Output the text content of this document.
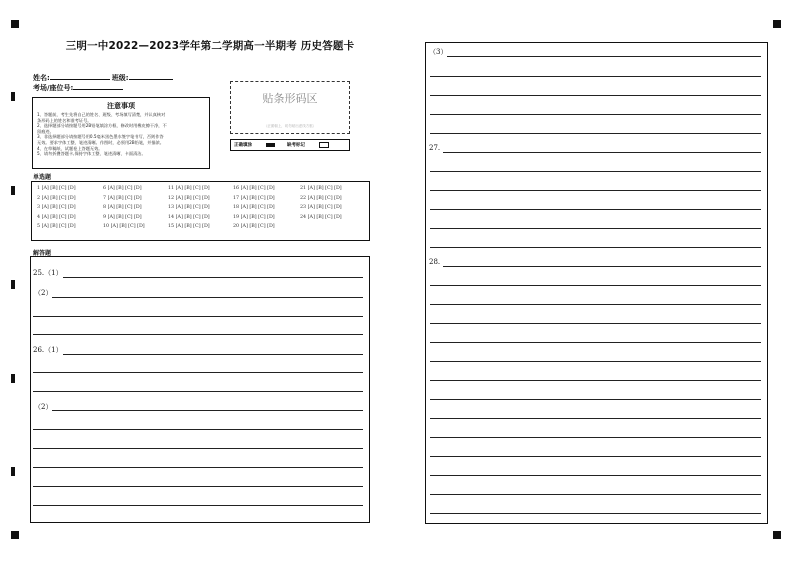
三明一中2022—2023学年第二学期高一半期考 历史答题卡
姓名:	班级:
考场/座位号:
注意事项
1、答题前，考生先将自己的姓名、班级、考场填写清楚，并认真核对
条形码上的姓名和准考证号。
2、选择题部分请按题号用2B铅笔填涂方框，修改时用橡皮擦干净，不
留痕迹。
3、非选择题部分请按题号用0.5毫米黑色墨水签字笔书写，否则作答
无效。要求字体工整、笔迹清晰。作图时，必须用2B铅笔，并描浓。
4、在草稿纸、试题卷上答题无效。
5、请勿折叠答题卡,保持字体工整、笔迹清晰、卡面清洁。
贴条形码区
（正面朝上，切勿贴出虚线方框）
正确填涂	缺考标记
单选题
1 [A] [B] [C] [D]	6 [A] [B] [C] [D]	11 [A] [B] [C] [D]	16 [A] [B] [C] [D]	21 [A] [B] [C] [D]
2 [A] [B] [C] [D]	7 [A] [B] [C] [D]	12 [A] [B] [C] [D]	17 [A] [B] [C] [D]	22 [A] [B] [C] [D]
3 [A] [B] [C] [D]	8 [A] [B] [C] [D]	13 [A] [B] [C] [D]	18 [A] [B] [C] [D]	23 [A] [B] [C] [D]
4 [A] [B] [C] [D]	9 [A] [B] [C] [D]	14 [A] [B] [C] [D]	19 [A] [B] [C] [D]	24 [A] [B] [C] [D]
5 [A] [B] [C] [D]	10 [A] [B] [C] [D]	15 [A] [B] [C] [D]	20 [A] [B] [C] [D]
解答题
25.（1）
（2）
26.（1）
（2）
（3）
27.
28.
